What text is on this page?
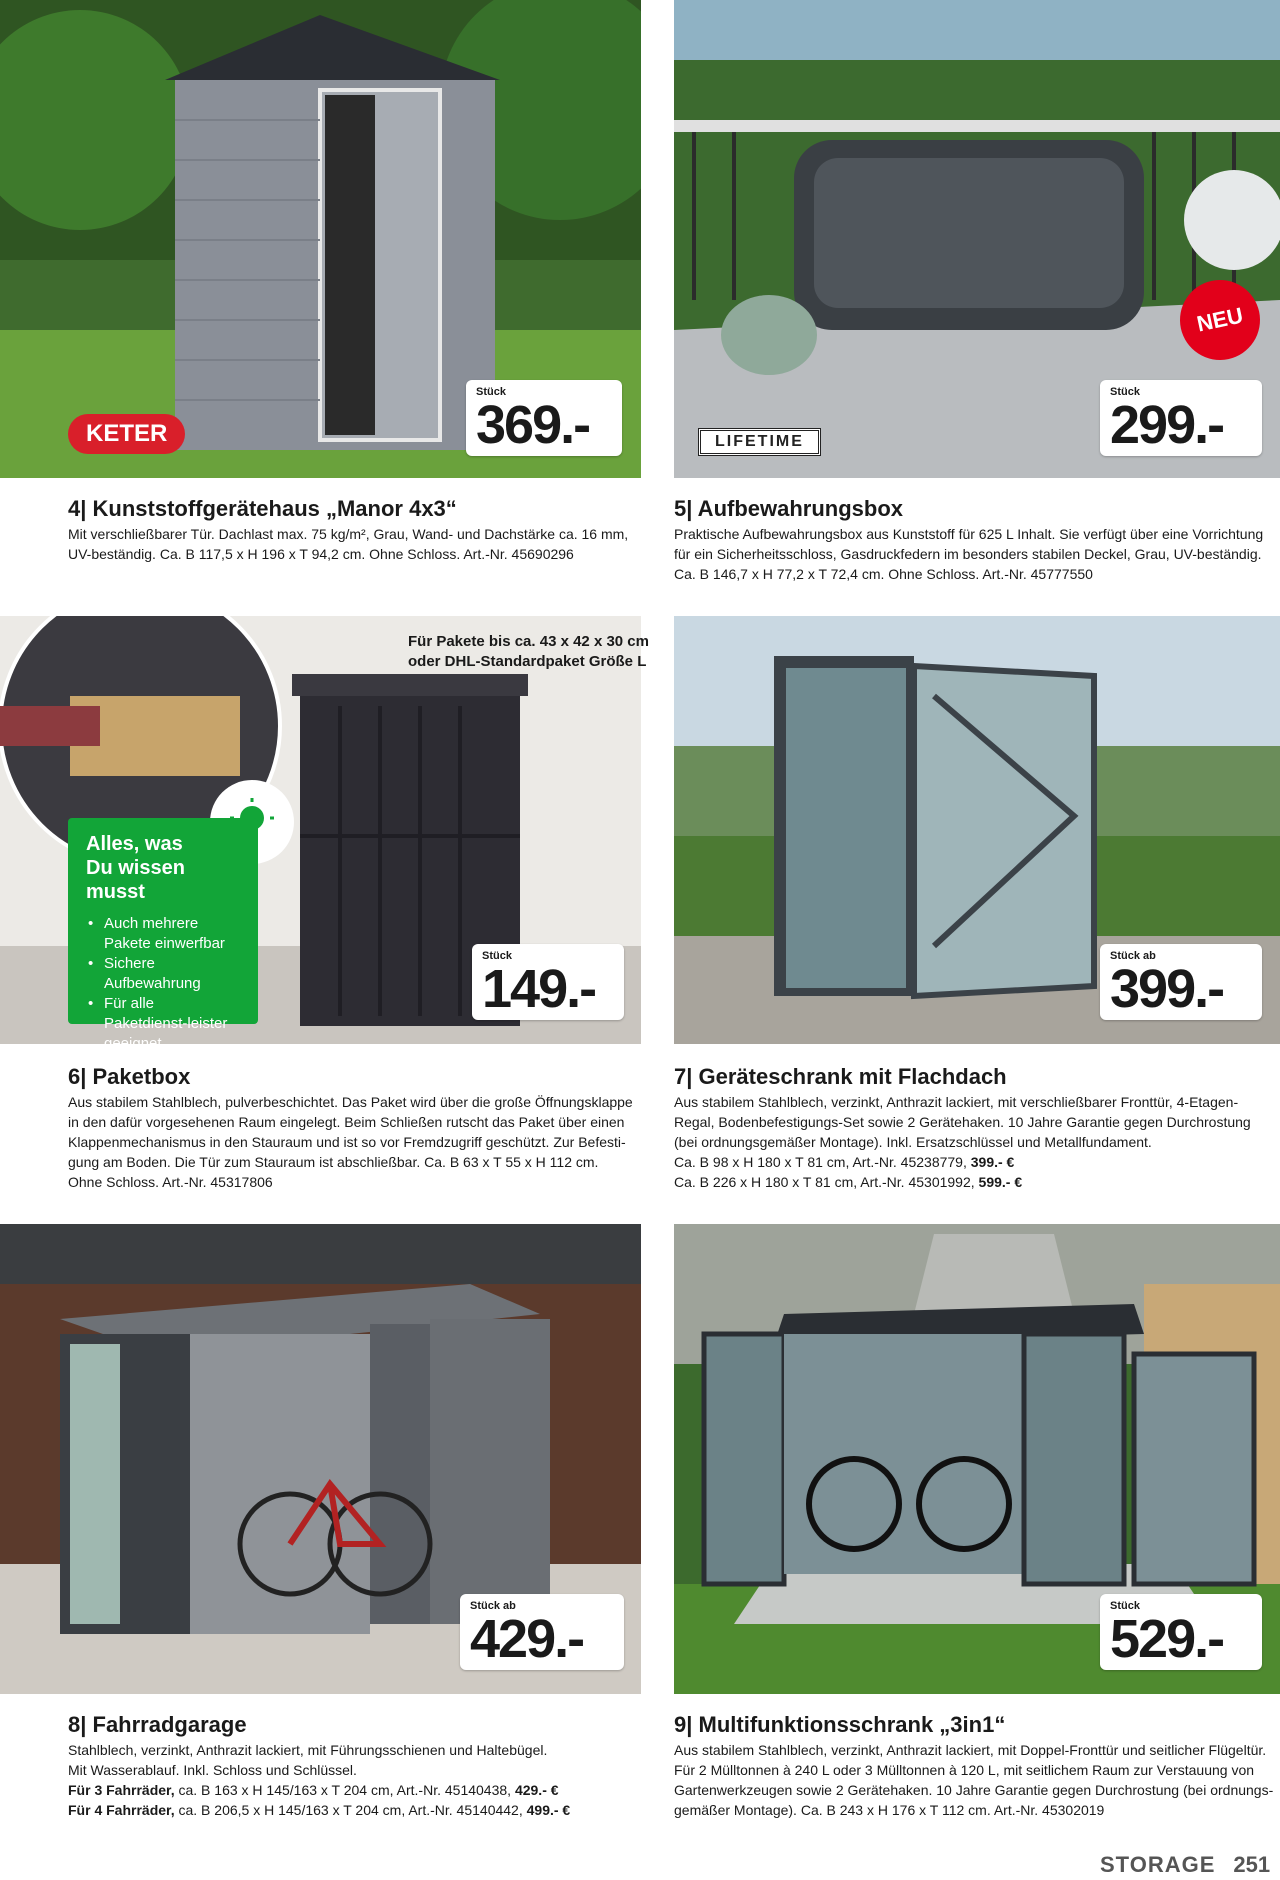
KETER
Stück
369.-
4| Kunststoffgerätehaus „Manor 4x3“
Mit verschließbarer Tür. Dachlast max. 75 kg/m², Grau, Wand- und Dachstärke ca. 16 mm,
UV-beständig. Ca. B 117,5 x H 196 x T 94,2 cm. Ohne Schloss. Art.-Nr. 45690296
NEU
LIFETIME
Stück
299.-
5| Aufbewahrungsbox
Praktische Aufbewahrungsbox aus Kunststoff für 625 L Inhalt. Sie verfügt über eine Vorrichtung
für ein Sicherheitsschloss, Gasdruckfedern im besonders stabilen Deckel, Grau, UV-beständig.
Ca. B 146,7 x H 77,2 x T 72,4 cm. Ohne Schloss. Art.-Nr. 45777550
Für Pakete bis ca. 43 x 42 x 30 cm
oder DHL-Standardpaket Größe L
Alles, was
Du wissen musst
• Auch mehrere Pakete einwerfbar
• Sichere Aufbewahrung
• Für alle Paketdienst-leister geeignet
Stück
149.-
6| Paketbox
Aus stabilem Stahlblech, pulverbeschichtet. Das Paket wird über die große Öffnungsklappe
in den dafür vorgesehenen Raum eingelegt. Beim Schließen rutscht das Paket über einen
Klappenmechanismus in den Stauraum und ist so vor Fremdzugriff geschützt. Zur Befesti-
gung am Boden. Die Tür zum Stauraum ist abschließbar. Ca. B 63 x T 55 x H 112 cm.
Ohne Schloss. Art.-Nr. 45317806
Stück ab
399.-
7| Geräteschrank mit Flachdach
Aus stabilem Stahlblech, verzinkt, Anthrazit lackiert, mit verschließbarer Fronttür, 4-Etagen-
Regal, Bodenbefestigungs-Set sowie 2 Gerätehaken. 10 Jahre Garantie gegen Durchrostung
(bei ordnungsgemäßer Montage). Inkl. Ersatzschlüssel und Metallfundament.
Ca. B 98 x H 180 x T 81 cm, Art.-Nr. 45238779, 399.- €
Ca. B 226 x H 180 x T 81 cm, Art.-Nr. 45301992, 599.- €
Stück ab
429.-
8| Fahrradgarage
Stahlblech, verzinkt, Anthrazit lackiert, mit Führungsschienen und Haltebügel.
Mit Wasserablauf. Inkl. Schloss und Schlüssel.
Für 3 Fahrräder, ca. B 163 x H 145/163 x T 204 cm, Art.-Nr. 45140438, 429.- €
Für 4 Fahrräder, ca. B 206,5 x H 145/163 x T 204 cm, Art.-Nr. 45140442, 499.- €
Stück
529.-
9| Multifunktionsschrank „3in1“
Aus stabilem Stahlblech, verzinkt, Anthrazit lackiert, mit Doppel-Fronttür und seitlicher Flügeltür.
Für 2 Mülltonnen à 240 L oder 3 Mülltonnen à 120 L, mit seitlichem Raum zur Verstauung von
Gartenwerkzeugen sowie 2 Gerätehaken. 10 Jahre Garantie gegen Durchrostung (bei ordnungs-
gemäßer Montage). Ca. B 243 x H 176 x T 112 cm. Art.-Nr. 45302019
STORAGE 251
